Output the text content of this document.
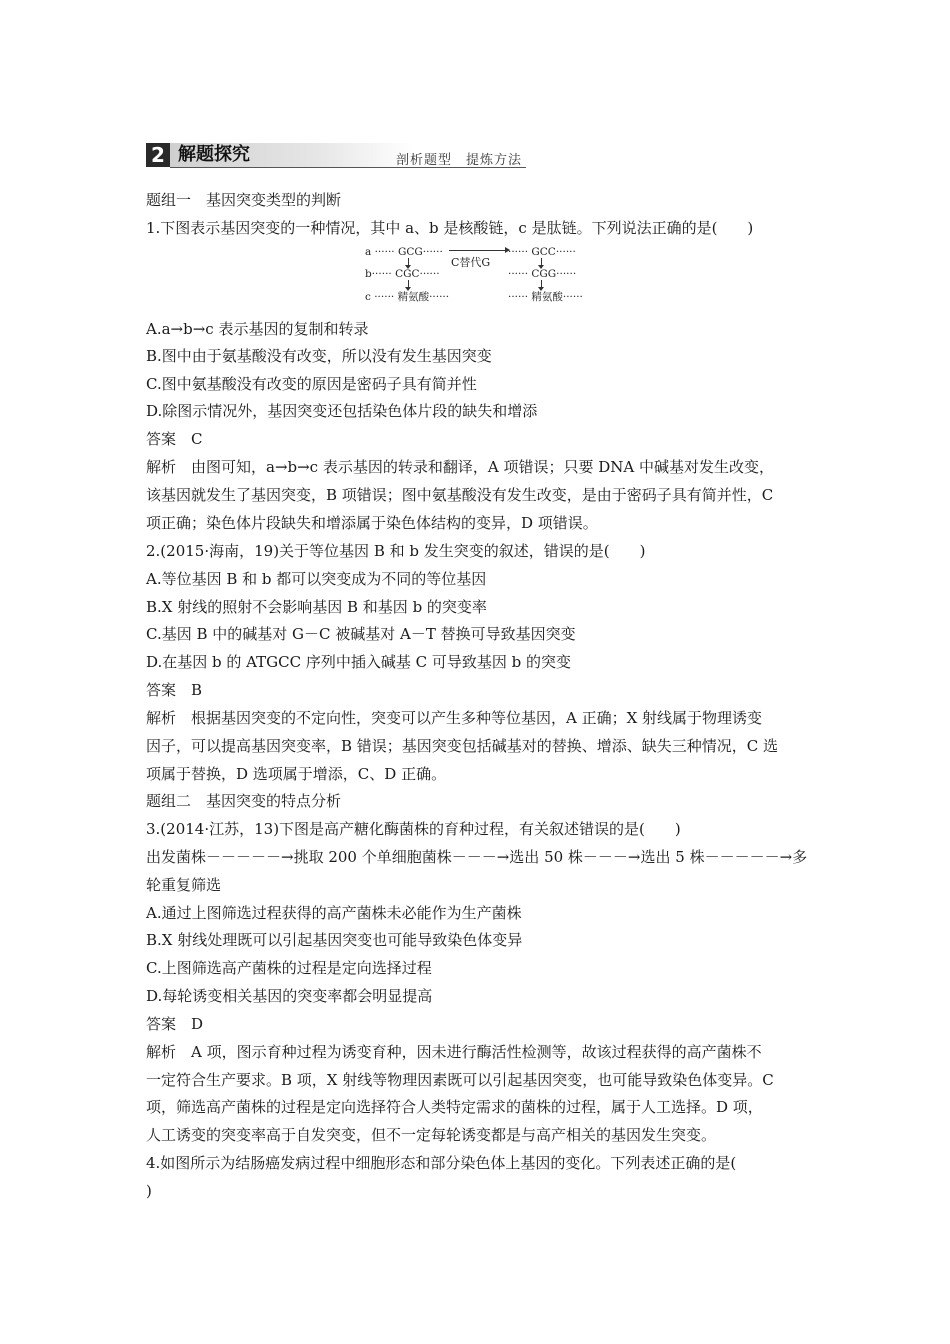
2 解题探究	剖析题型　提炼方法
题组一　基因突变类型的判断
1.下图表示基因突变的一种情况，其中 a、b 是核酸链，c 是肽链。下列说法正确的是(　　)
a ······ GCG······
b······ CGC······
c ······ 精氨酸······
C替代G
······ GCC······
······ CGG······
······ 精氨酸······
A.a→b→c 表示基因的复制和转录
B.图中由于氨基酸没有改变，所以没有发生基因突变
C.图中氨基酸没有改变的原因是密码子具有简并性
D.除图示情况外，基因突变还包括染色体片段的缺失和增添
答案　C
解析　由图可知，a→b→c 表示基因的转录和翻译，A 项错误；只要 DNA 中碱基对发生改变，
该基因就发生了基因突变，B 项错误；图中氨基酸没有发生改变，是由于密码子具有简并性，C
项正确；染色体片段缺失和增添属于染色体结构的变异，D 项错误。
2.(2015·海南，19)关于等位基因 B 和 b 发生突变的叙述，错误的是(　　)
A.等位基因 B 和 b 都可以突变成为不同的等位基因
B.X 射线的照射不会影响基因 B 和基因 b 的突变率
C.基因 B 中的碱基对 G－C 被碱基对 A－T 替换可导致基因突变
D.在基因 b 的 ATGCC 序列中插入碱基 C 可导致基因 b 的突变
答案　B
解析　根据基因突变的不定向性，突变可以产生多种等位基因，A 正确；X 射线属于物理诱变
因子，可以提高基因突变率，B 错误；基因突变包括碱基对的替换、增添、缺失三种情况，C 选
项属于替换，D 选项属于增添，C、D 正确。
题组二　基因突变的特点分析
3.(2014·江苏，13)下图是高产糖化酶菌株的育种过程，有关叙述错误的是(　　)
出发菌株－－－－－→挑取 200 个单细胞菌株－－－→选出 50 株－－－→选出 5 株－－－－－→多
轮重复筛选
A.通过上图筛选过程获得的高产菌株未必能作为生产菌株
B.X 射线处理既可以引起基因突变也可能导致染色体变异
C.上图筛选高产菌株的过程是定向选择过程
D.每轮诱变相关基因的突变率都会明显提高
答案　D
解析　A 项，图示育种过程为诱变育种，因未进行酶活性检测等，故该过程获得的高产菌株不
一定符合生产要求。B 项，X 射线等物理因素既可以引起基因突变，也可能导致染色体变异。C
项，筛选高产菌株的过程是定向选择符合人类特定需求的菌株的过程，属于人工选择。D 项，
人工诱变的突变率高于自发突变，但不一定每轮诱变都是与高产相关的基因发生突变。
4.如图所示为结肠癌发病过程中细胞形态和部分染色体上基因的变化。下列表述正确的是(
)
